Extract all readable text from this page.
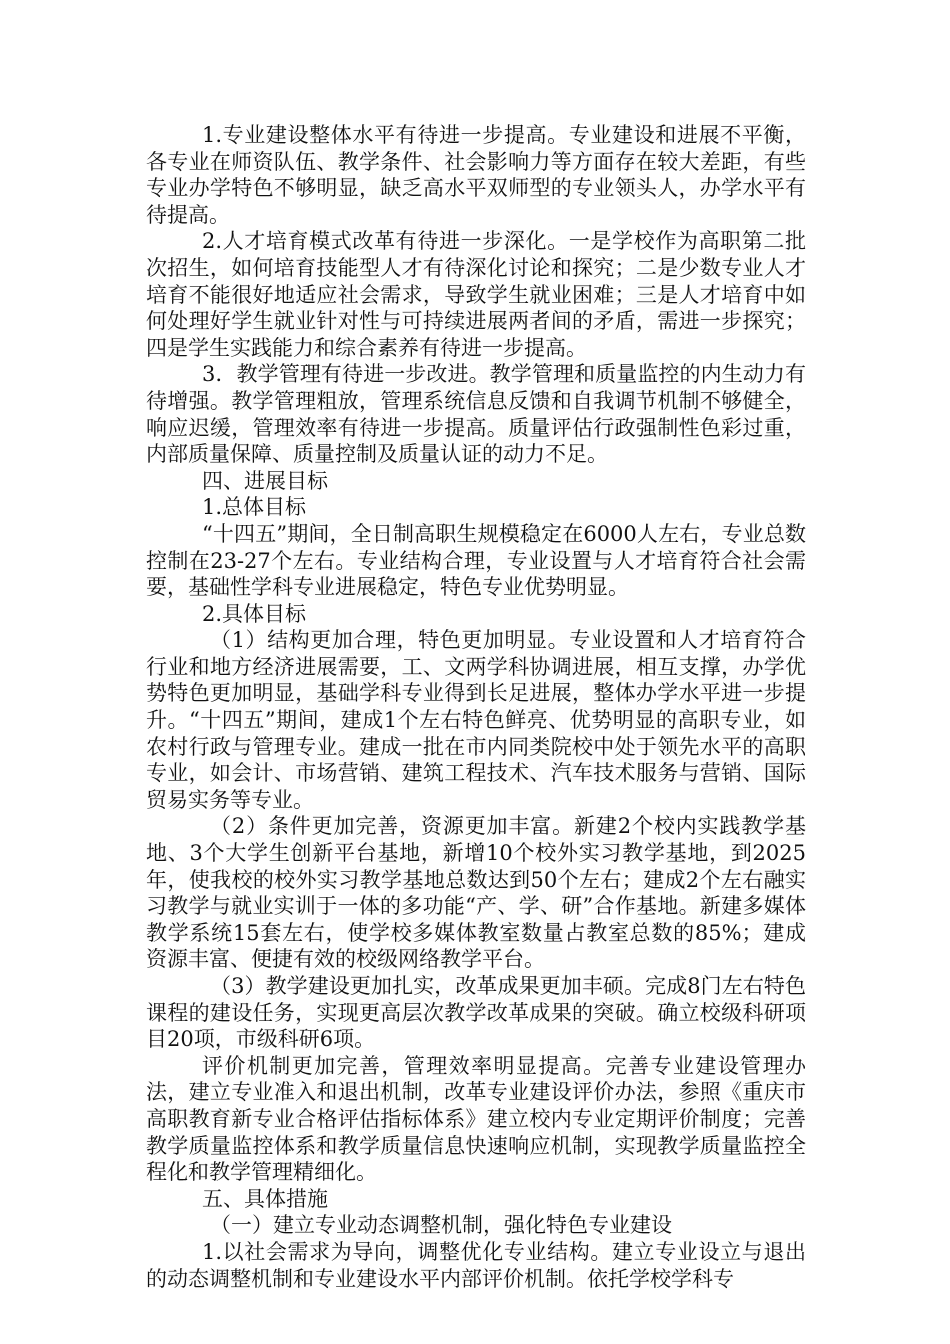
1.专业建设整体水平有待进一步提高。专业建设和进展不平衡，各专业在师资队伍、教学条件、社会影响力等方面存在较大差距，有些专业办学特色不够明显，缺乏高水平双师型的专业领头人，办学水平有待提高。

2.人才培育模式改革有待进一步深化。一是学校作为高职第二批次招生，如何培育技能型人才有待深化讨论和探究；二是少数专业人才培育不能很好地适应社会需求，导致学生就业困难；三是人才培育中如何处理好学生就业针对性与可持续进展两者间的矛盾，需进一步探究；四是学生实践能力和综合素养有待进一步提高。

3．教学管理有待进一步改进。教学管理和质量监控的内生动力有待增强。教学管理粗放，管理系统信息反馈和自我调节机制不够健全，响应迟缓，管理效率有待进一步提高。质量评估行政强制性色彩过重，内部质量保障、质量控制及质量认证的动力不足。

四、进展目标

1.总体目标

“十四五”期间，全日制高职生规模稳定在6000人左右，专业总数控制在23-27个左右。专业结构合理，专业设置与人才培育符合社会需要，基础性学科专业进展稳定，特色专业优势明显。

2.具体目标

（1）结构更加合理，特色更加明显。专业设置和人才培育符合行业和地方经济进展需要，工、文两学科协调进展，相互支撑，办学优势特色更加明显，基础学科专业得到长足进展，整体办学水平进一步提升。“十四五”期间，建成1个左右特色鲜亮、优势明显的高职专业，如农村行政与管理专业。建成一批在市内同类院校中处于领先水平的高职专业，如会计、市场营销、建筑工程技术、汽车技术服务与营销、国际贸易实务等专业。

（2）条件更加完善，资源更加丰富。新建2个校内实践教学基地、3个大学生创新平台基地，新增10个校外实习教学基地，到2025年，使我校的校外实习教学基地总数达到50个左右；建成2个左右融实习教学与就业实训于一体的多功能“产、学、研”合作基地。新建多媒体教学系统15套左右，使学校多媒体教室数量占教室总数的85%；建成资源丰富、便捷有效的校级网络教学平台。

（3）教学建设更加扎实，改革成果更加丰硕。完成8门左右特色课程的建设任务，实现更高层次教学改革成果的突破。确立校级科研项目20项，市级科研6项。

评价机制更加完善，管理效率明显提高。完善专业建设管理办法，建立专业准入和退出机制，改革专业建设评价办法，参照《重庆市高职教育新专业合格评估指标体系》建立校内专业定期评价制度；完善教学质量监控体系和教学质量信息快速响应机制，实现教学质量监控全程化和教学管理精细化。

五、具体措施

（一）建立专业动态调整机制，强化特色专业建设

1.以社会需求为导向，调整优化专业结构。建立专业设立与退出的动态调整机制和专业建设水平内部评价机制。依托学校学科专
